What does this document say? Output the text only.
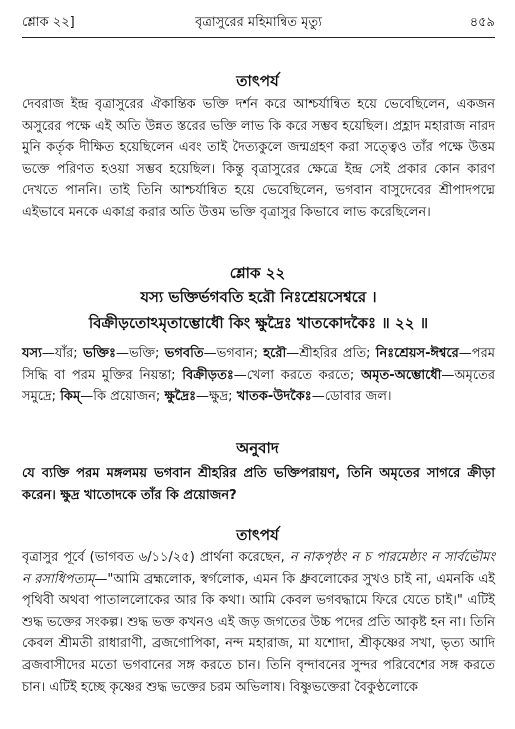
শ্লোক ২২]	বৃত্রাসুরের মহিমান্বিত মৃত্যু	৪৫৯
তাৎপর্য
দেবরাজ ইন্দ্র বৃত্রাসুরের ঐকান্তিক ভক্তি দর্শন করে আশ্চর্যান্বিত হয়ে ভেবেছিলেন, একজন অসুরের পক্ষে এই অতি উন্নত স্তরের ভক্তি লাভ কি করে সম্ভব হয়েছিল। প্রহ্লাদ মহারাজ নারদ মুনি কর্তৃক দীক্ষিত হয়েছিলেন এবং তাই দৈত্যকুলে জন্মগ্রহণ করা সত্ত্বেও তাঁর পক্ষে উত্তম ভক্তে পরিণত হওয়া সম্ভব হয়েছিল। কিন্তু বৃত্রাসুরের ক্ষেত্রে ইন্দ্র সেই প্রকার কোন কারণ দেখতে পাননি। তাই তিনি আশ্চর্যান্বিত হয়ে ভেবেছিলেন, ভগবান বাসুদেবের শ্রীপাদপদ্মে এইভাবে মনকে একাগ্র করার অতি উত্তম ভক্তি বৃত্রাসুর কিভাবে লাভ করেছিলেন।
শ্লোক ২২
যস্য ভক্তির্ভগবতি হরৌ নিঃশ্রেয়সেশ্বরে ।
বিক্রীড়তোঽমৃতাম্ভোধৌ কিং ক্ষুদ্রৈঃ খাতকোদকৈঃ ॥ ২২ ॥
যস্য—যাঁর; ভক্তিঃ—ভক্তি; ভগবতি—ভগবান; হরৌ—শ্রীহরির প্রতি; নিঃশ্রেয়স-ঈশ্বরে—পরম সিদ্ধি বা পরম মুক্তির নিয়ন্তা; বিক্রীড়তঃ—খেলা করতে করতে; অমৃত-অম্ভোধৌ—অমৃতের সমুদ্রে; কিম্—কি প্রয়োজন; ক্ষুদ্রৈঃ—ক্ষুদ্র; খাতক-উদকৈঃ—ডোবার জল।
অনুবাদ
যে ব্যক্তি পরম মঙ্গলময় ভগবান শ্রীহরির প্রতি ভক্তিপরায়ণ, তিনি অমৃতের সাগরে ক্রীড়া করেন। ক্ষুদ্র খাতোদকে তাঁর কি প্রয়োজন?
তাৎপর্য
বৃত্রাসুর পূর্বে (ভাগবত ৬/১১/২৫) প্রার্থনা করেছেন, ন নাকপৃষ্ঠং ন চ পারমেষ্ঠ্যং ন সার্বভৌমং ন রসাধিপত্যম্—"আমি ব্রহ্মলোক, স্বর্গলোক, এমন কি ধ্রুবলোকের সুখও চাই না, এমনকি এই পৃথিবী অথবা পাতাললোকের আর কি কথা। আমি কেবল ভগবদ্ধামে ফিরে যেতে চাই।" এটিই শুদ্ধ ভক্তের সংকল্প। শুদ্ধ ভক্ত কখনও এই জড় জগতের উচ্চ পদের প্রতি আকৃষ্ট হন না। তিনি কেবল শ্রীমতী রাধারাণী, ব্রজগোপিকা, নন্দ মহারাজ, মা যশোদা, শ্রীকৃষ্ণের সখা, ভৃত্য আদি ব্রজবাসীদের মতো ভগবানের সঙ্গ করতে চান। তিনি বৃন্দাবনের সুন্দর পরিবেশের সঙ্গ করতে চান। এটিই হচ্ছে কৃষ্ণের শুদ্ধ ভক্তের চরম অভিলাষ। বিষ্ণুভক্তেরা বৈকুণ্ঠলোকে
